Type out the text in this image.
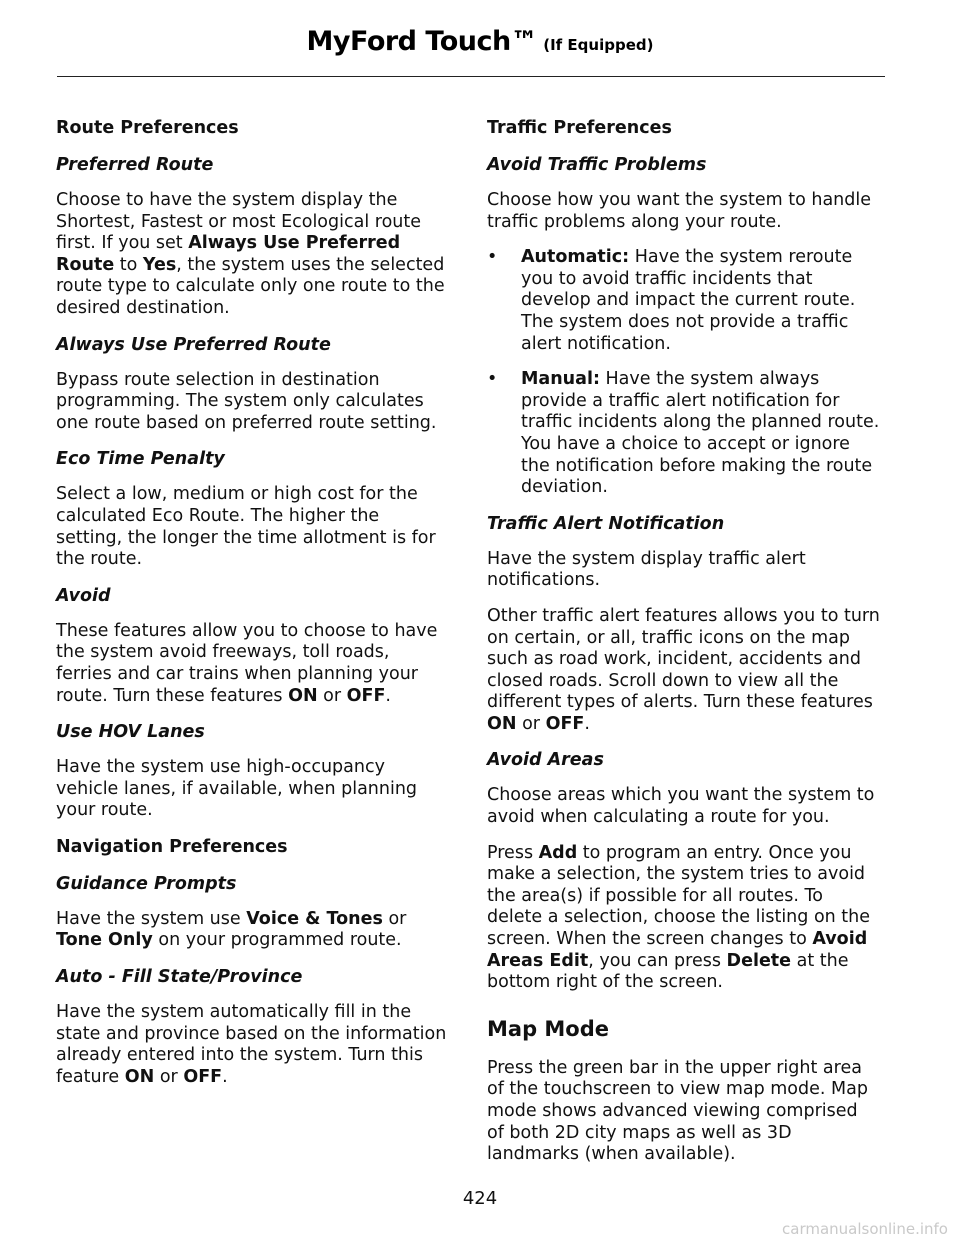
MyFord Touch™ (If Equipped)
Route Preferences
Preferred Route

Choose to have the system display the Shortest, Fastest or most Ecological route first. If you set Always Use Preferred Route to Yes, the system uses the selected route type to calculate only one route to the desired destination.

Always Use Preferred Route

Bypass route selection in destination programming. The system only calculates one route based on preferred route setting.

Eco Time Penalty

Select a low, medium or high cost for the calculated Eco Route. The higher the setting, the longer the time allotment is for the route.

Avoid

These features allow you to choose to have the system avoid freeways, toll roads, ferries and car trains when planning your route. Turn these features ON or OFF.

Use HOV Lanes

Have the system use high-occupancy vehicle lanes, if available, when planning your route.

Navigation Preferences
Guidance Prompts

Have the system use Voice & Tones or Tone Only on your programmed route.

Auto - Fill State/Province

Have the system automatically fill in the state and province based on the information already entered into the system. Turn this feature ON or OFF.

Traffic Preferences
Avoid Traffic Problems

Choose how you want the system to handle traffic problems along your route.

• Automatic: Have the system reroute you to avoid traffic incidents that develop and impact the current route. The system does not provide a traffic alert notification.
• Manual: Have the system always provide a traffic alert notification for traffic incidents along the planned route. You have a choice to accept or ignore the notification before making the route deviation.
Traffic Alert Notification

Have the system display traffic alert notifications.

Other traffic alert features allows you to turn on certain, or all, traffic icons on the map such as road work, incident, accidents and closed roads. Scroll down to view all the different types of alerts. Turn these features ON or OFF.

Avoid Areas

Choose areas which you want the system to avoid when calculating a route for you.

Press Add to program an entry. Once you make a selection, the system tries to avoid the area(s) if possible for all routes. To delete a selection, choose the listing on the screen. When the screen changes to Avoid Areas Edit, you can press Delete at the bottom right of the screen.

Map Mode

Press the green bar in the upper right area of the touchscreen to view map mode. Map mode shows advanced viewing comprised of both 2D city maps as well as 3D landmarks (when available).

424
carmanualsonline.info
